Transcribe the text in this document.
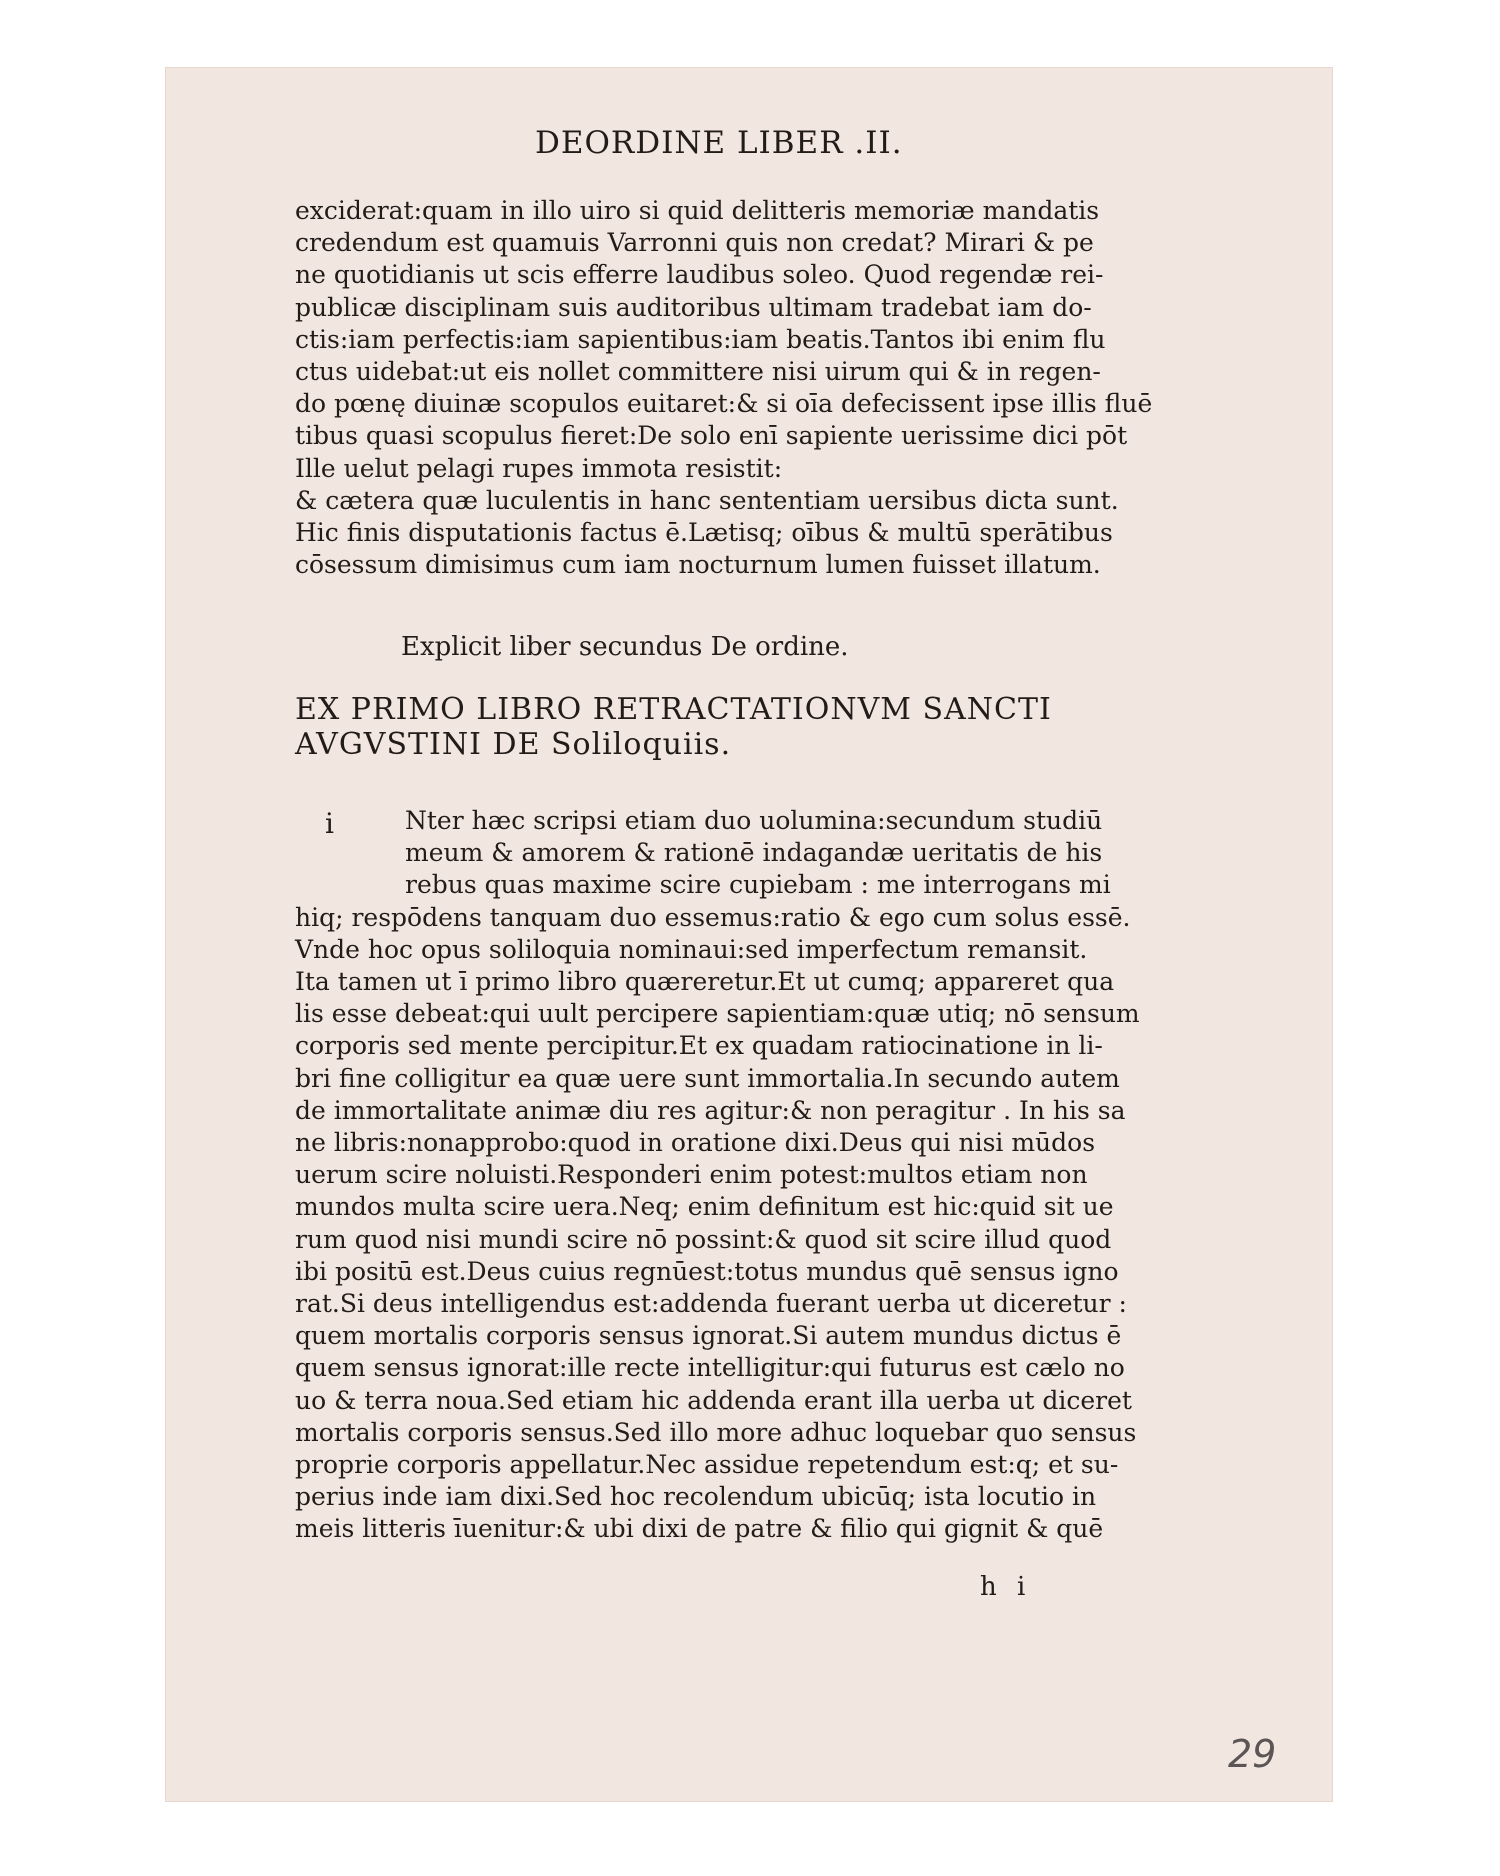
DEORDINE LIBER .II.
exciderat:quam in illo uiro si quid delitteris memoriæ mandatis
credendum est quamuis Varronni quis non credat? Mirari & pe
ne quotidianis ut scis efferre laudibus soleo. Quod regendæ rei-
publicæ disciplinam suis auditoribus ultimam tradebat iam do-
ctis:iam perfectis:iam sapientibus:iam beatis.Tantos ibi enim flu
ctus uidebat:ut eis nollet committere nisi uirum qui & in regen-
do pœnę diuinæ scopulos euitaret:& si oīa defecissent ipse illis fluē
tibus quasi scopulus fieret:De solo enī sapiente uerissime dici pōt
Ille uelut pelagi rupes immota resistit:
& cætera quæ luculentis in hanc sententiam uersibus dicta sunt.
Hic finis disputationis factus ē.Lætisq; oībus & multū sperātibus
cōsessum dimisimus cum iam nocturnum lumen fuisset illatum.
Explicit liber secundus De ordine.
EX PRIMO LIBRO RETRACTATIONVM SANCTI
AVGVSTINI DE Soliloquiis.
i	Nter hæc scripsi etiam duo uolumina:secundum studiū
meum & amorem & rationē indagandæ ueritatis de his
rebus quas maxime scire cupiebam : me interrogans mi
hiq; respōdens tanquam duo essemus:ratio & ego cum solus essē.
Vnde hoc opus soliloquia nominaui:sed imperfectum remansit.
Ita tamen ut ī primo libro quæreretur.Et ut cumq; appareret qua
lis esse debeat:qui uult percipere sapientiam:quæ utiq; nō sensum
corporis sed mente percipitur.Et ex quadam ratiocinatione in li-
bri fine colligitur ea quæ uere sunt immortalia.In secundo autem
de immortalitate animæ diu res agitur:& non peragitur . In his sa
ne libris:nonapprobo:quod in oratione dixi.Deus qui nisi mūdos
uerum scire noluisti.Responderi enim potest:multos etiam non
mundos multa scire uera.Neq; enim definitum est hic:quid sit ue
rum quod nisi mundi scire nō possint:& quod sit scire illud quod
ibi positū est.Deus cuius regnūest:totus mundus quē sensus igno
rat.Si deus intelligendus est:addenda fuerant uerba ut diceretur :
quem mortalis corporis sensus ignorat.Si autem mundus dictus ē
quem sensus ignorat:ille recte intelligitur:qui futurus est cælo no
uo & terra noua.Sed etiam hic addenda erant illa uerba ut diceret
mortalis corporis sensus.Sed illo more adhuc loquebar quo sensus
proprie corporis appellatur.Nec assidue repetendum est:q; et su-
perius inde iam dixi.Sed hoc recolendum ubicūq; ista locutio in
meis litteris īuenitur:& ubi dixi de patre & filio qui gignit & quē
h i
29
